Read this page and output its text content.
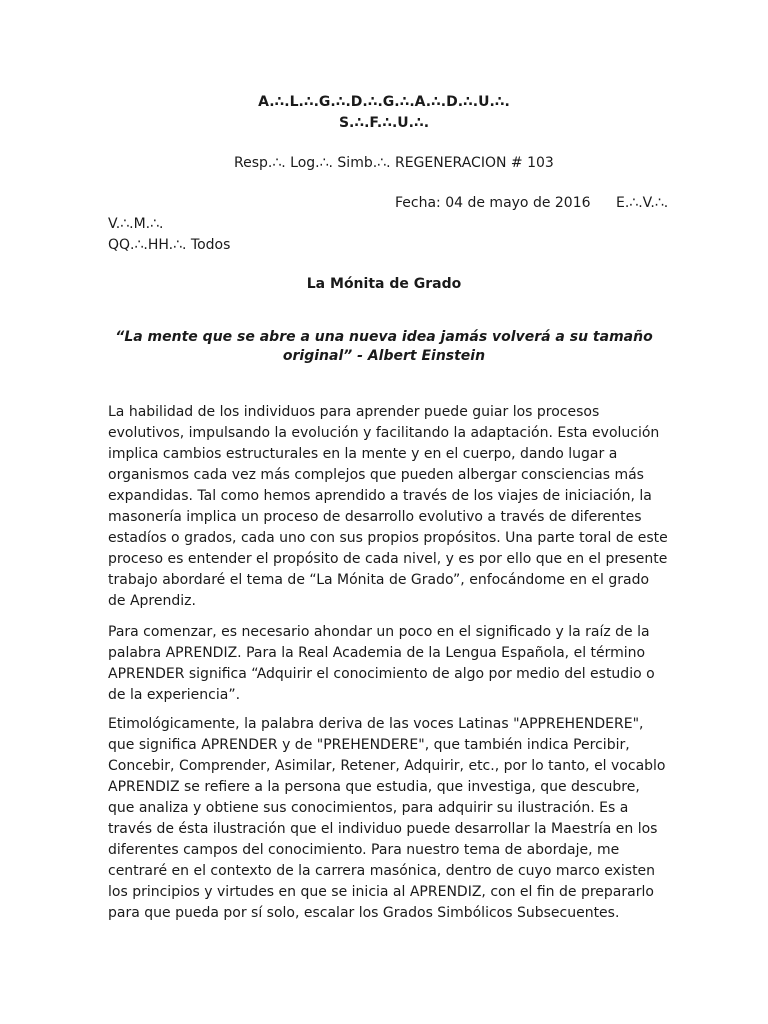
A.∴.L.∴.G.∴.D.∴.G.∴.A.∴.D.∴.U.∴.
S.∴.F.∴.U.∴.
Resp.∴. Log.∴. Simb.∴. REGENERACION # 103
Fecha: 04 de mayo de 2016 E.∴.V.∴.
V.∴.M.∴.
QQ.∴.HH.∴. Todos
La Mónita de Grado
“La mente que se abre a una nueva idea jamás volverá a su tamaño original” - Albert Einstein
La habilidad de los individuos para aprender puede guiar los procesos
evolutivos, impulsando la evolución y facilitando la adaptación. Esta evolución
implica cambios estructurales en la mente y en el cuerpo, dando lugar a
organismos cada vez más complejos que pueden albergar consciencias más
expandidas. Tal como hemos aprendido a través de los viajes de iniciación, la
masonería implica un proceso de desarrollo evolutivo a través de diferentes
estadíos o grados, cada uno con sus propios propósitos. Una parte toral de este
proceso es entender el propósito de cada nivel, y es por ello que en el presente
trabajo abordaré el tema de “La Mónita de Grado”, enfocándome en el grado
de Aprendiz.
Para comenzar, es necesario ahondar un poco en el significado y la raíz de la
palabra APRENDIZ. Para la Real Academia de la Lengua Española, el término
APRENDER significa “Adquirir el conocimiento de algo por medio del estudio o
de la experiencia”.
Etimológicamente, la palabra deriva de las voces Latinas "APPREHENDERE",
que significa APRENDER y de "PREHENDERE", que también indica Percibir,
Concebir, Comprender, Asimilar, Retener, Adquirir, etc., por lo tanto, el vocablo
APRENDIZ se refiere a la persona que estudia, que investiga, que descubre,
que analiza y obtiene sus conocimientos, para adquirir su ilustración. Es a
través de ésta ilustración que el individuo puede desarrollar la Maestría en los
diferentes campos del conocimiento. Para nuestro tema de abordaje, me
centraré en el contexto de la carrera masónica, dentro de cuyo marco existen
los principios y virtudes en que se inicia al APRENDIZ, con el fin de prepararlo
para que pueda por sí solo, escalar los Grados Simbólicos Subsecuentes.
